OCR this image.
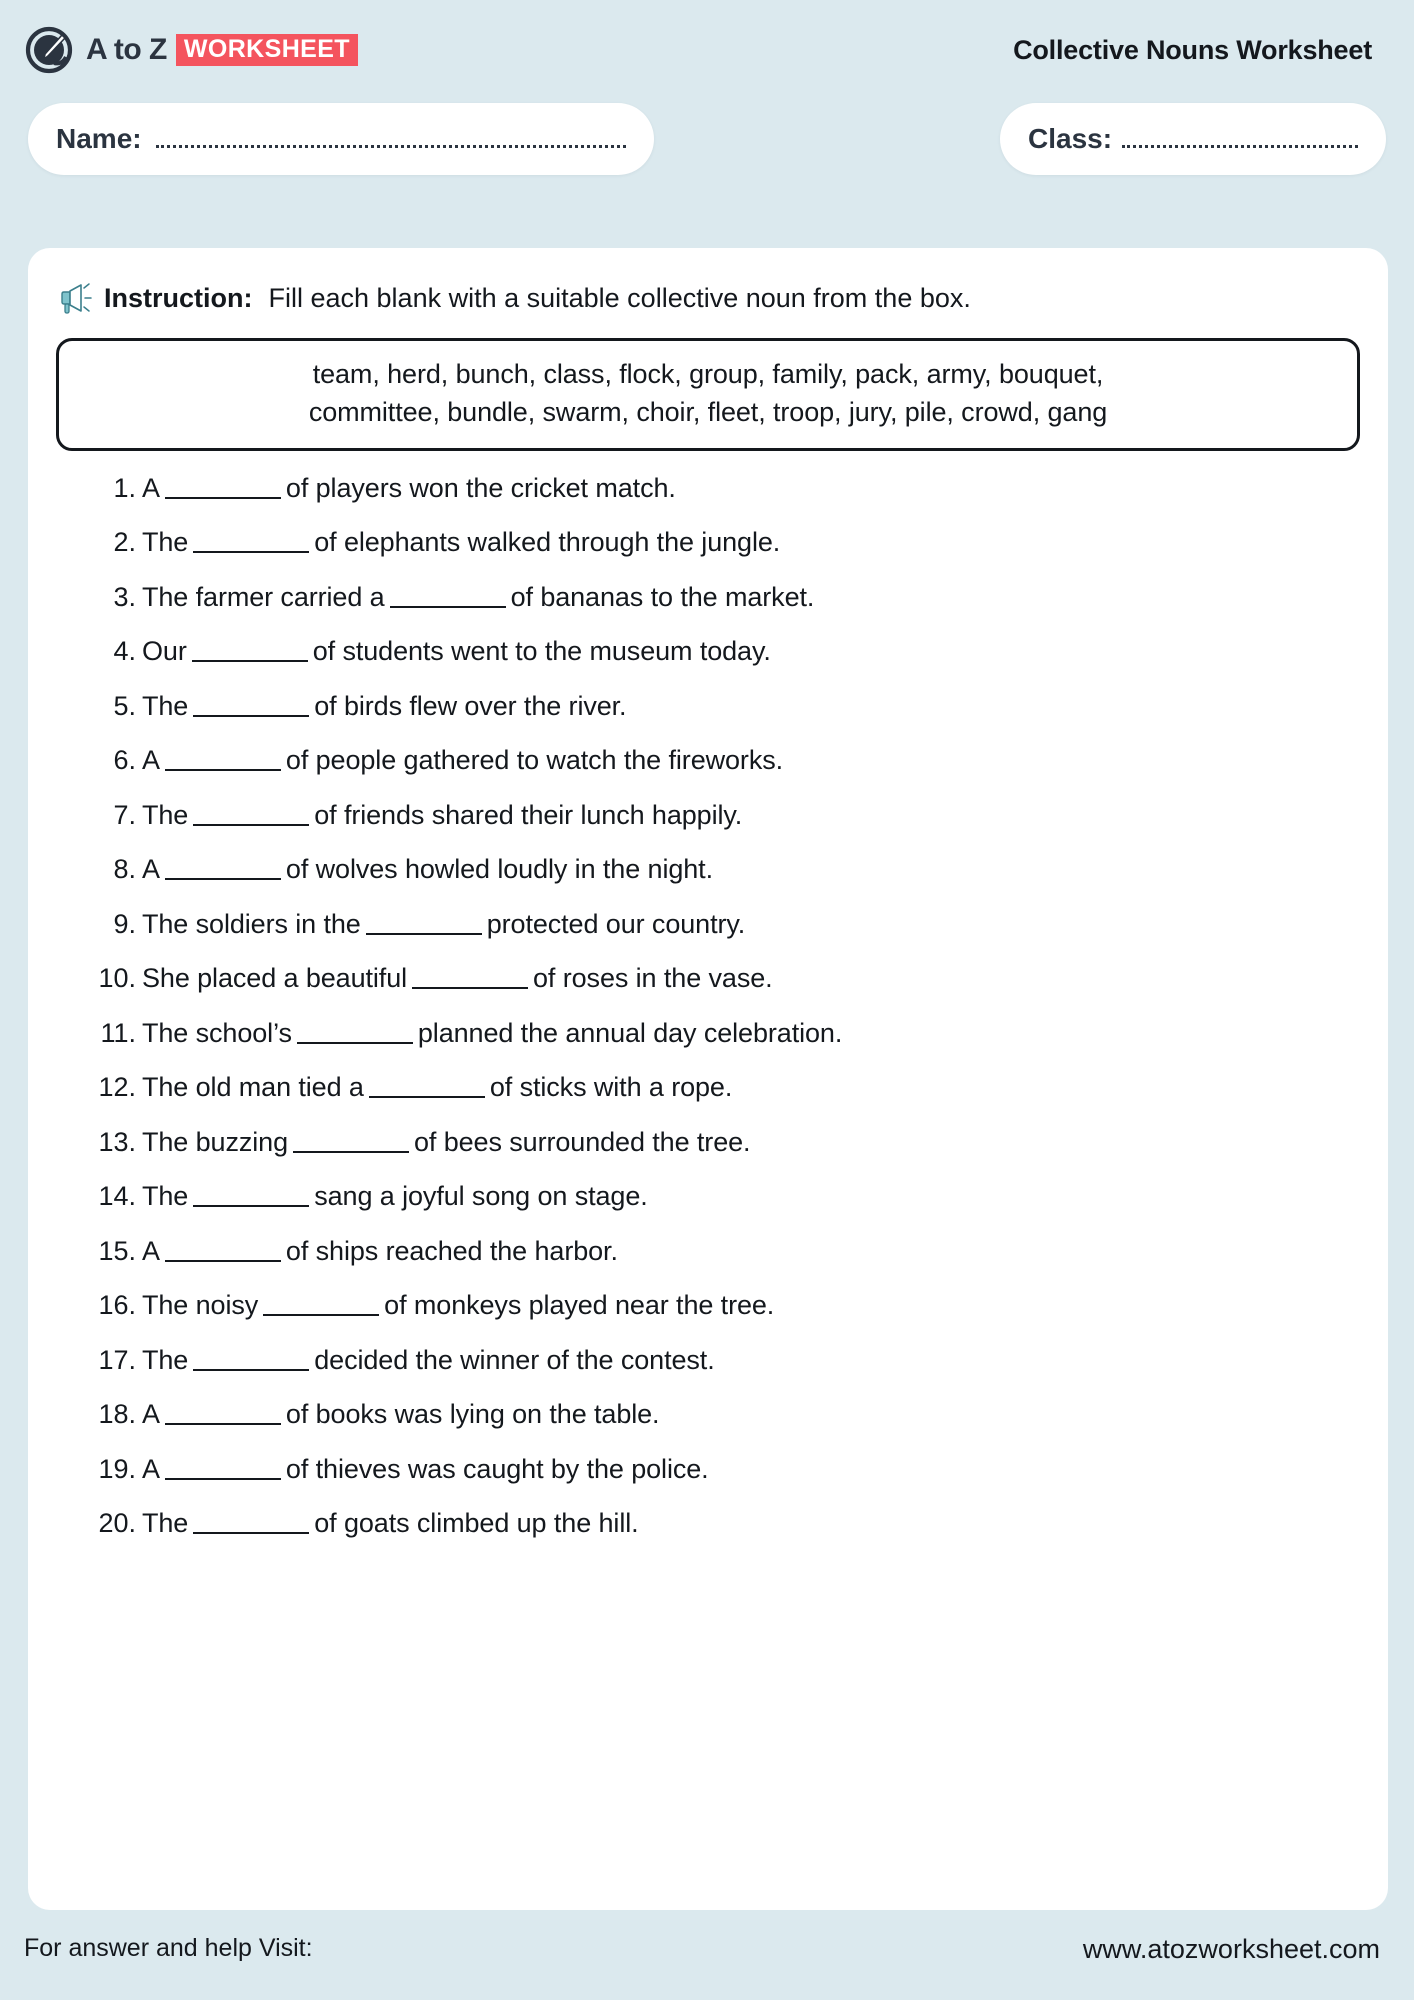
A to Z WORKSHEET	Collective Nouns Worksheet
Name:	Class:
Instruction: Fill each blank with a suitable collective noun from the box.
team, herd, bunch, class, flock, group, family, pack, army, bouquet,
committee, bundle, swarm, choir, fleet, troop, jury, pile, crowd, gang
1. A	of players won the cricket match.
2. The	of elephants walked through the jungle.
3. The farmer carried a	of bananas to the market.
4. Our	of students went to the museum today.
5. The	of birds flew over the river.
6. A	of people gathered to watch the fireworks.
7. The	of friends shared their lunch happily.
8. A	of wolves howled loudly in the night.
9. The soldiers in the	protected our country.
10. She placed a beautiful	of roses in the vase.
11. The school’s	planned the annual day celebration.
12. The old man tied a	of sticks with a rope.
13. The buzzing	of bees surrounded the tree.
14. The	sang a joyful song on stage.
15. A	of ships reached the harbor.
16. The noisy	of monkeys played near the tree.
17. The	decided the winner of the contest.
18. A	of books was lying on the table.
19. A	of thieves was caught by the police.
20. The	of goats climbed up the hill.
For answer and help Visit:	www.atozworksheet.com
